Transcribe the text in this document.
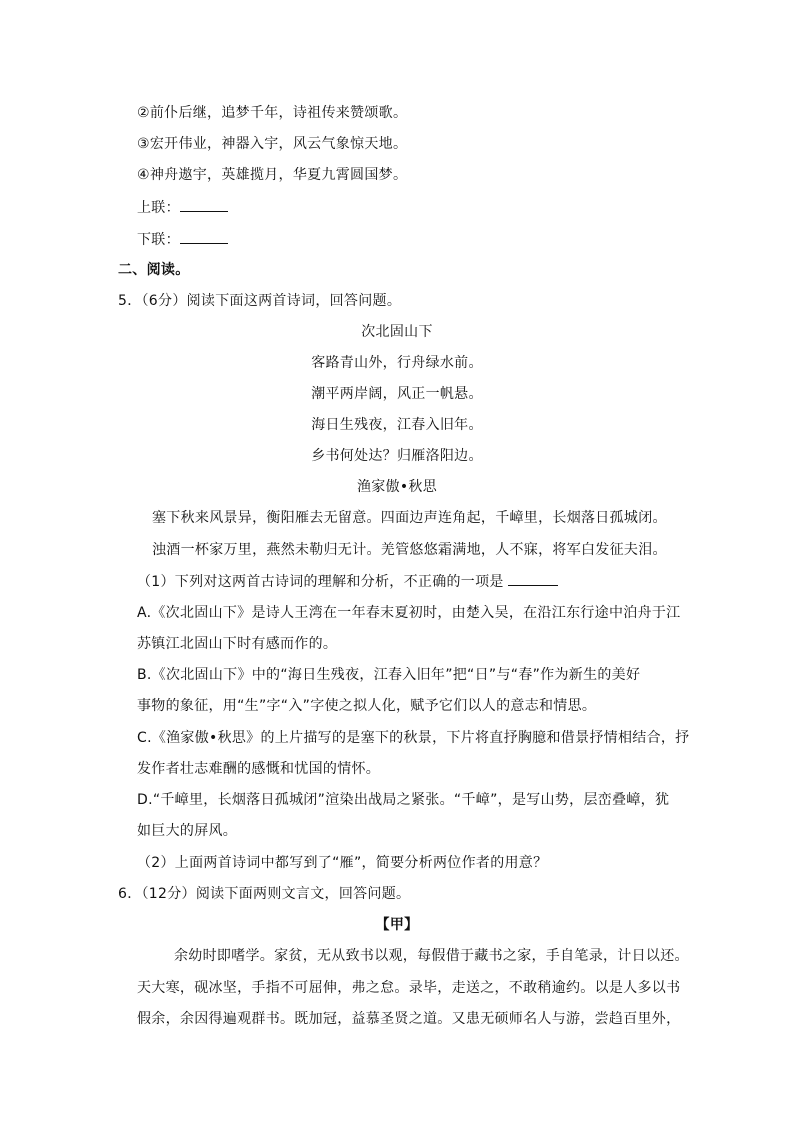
②前仆后继，追梦千年，诗祖传来赞颂歌。
③宏开伟业，神器入宇，风云气象惊天地。
④神舟遨宇，英雄揽月，华夏九霄圆国梦。
上联：
下联：
二、阅读。
5．（6分）阅读下面这两首诗词，回答问题。
次北固山下
客路青山外，行舟绿水前。
潮平两岸阔，风正一帆悬。
海日生残夜，江春入旧年。
乡书何处达？归雁洛阳边。
渔家傲•秋思
塞下秋来风景异，衡阳雁去无留意。四面边声连角起，千嶂里，长烟落日孤城闭。
浊酒一杯家万里，燕然未勒归无计。羌管悠悠霜满地，人不寐，将军白发征夫泪。
（1）下列对这两首古诗词的理解和分析，不正确的一项是
A.《次北固山下》是诗人王湾在一年春末夏初时，由楚入吴，在沿江东行途中泊舟于江
苏镇江北固山下时有感而作的。
B.《次北固山下》中的“海日生残夜，江春入旧年”把“日”与“春”作为新生的美好
事物的象征，用“生”字“入”字使之拟人化，赋予它们以人的意志和情思。
C.《渔家傲•秋思》的上片描写的是塞下的秋景，下片将直抒胸臆和借景抒情相结合，抒
发作者壮志难酬的感慨和忧国的情怀。
D.“千嶂里，长烟落日孤城闭”渲染出战局之紧张。“千嶂”，是写山势，层峦叠嶂，犹
如巨大的屏风。
（2）上面两首诗词中都写到了“雁”，简要分析两位作者的用意？
6．（12分）阅读下面两则文言文，回答问题。
【甲】
余幼时即嗜学。家贫，无从致书以观，每假借于藏书之家，手自笔录，计日以还。
天大寒，砚冰坚，手指不可屈伸，弗之怠。录毕，走送之，不敢稍逾约。以是人多以书
假余，余因得遍观群书。既加冠，益慕圣贤之道。又患无硕师名人与游，尝趋百里外，
